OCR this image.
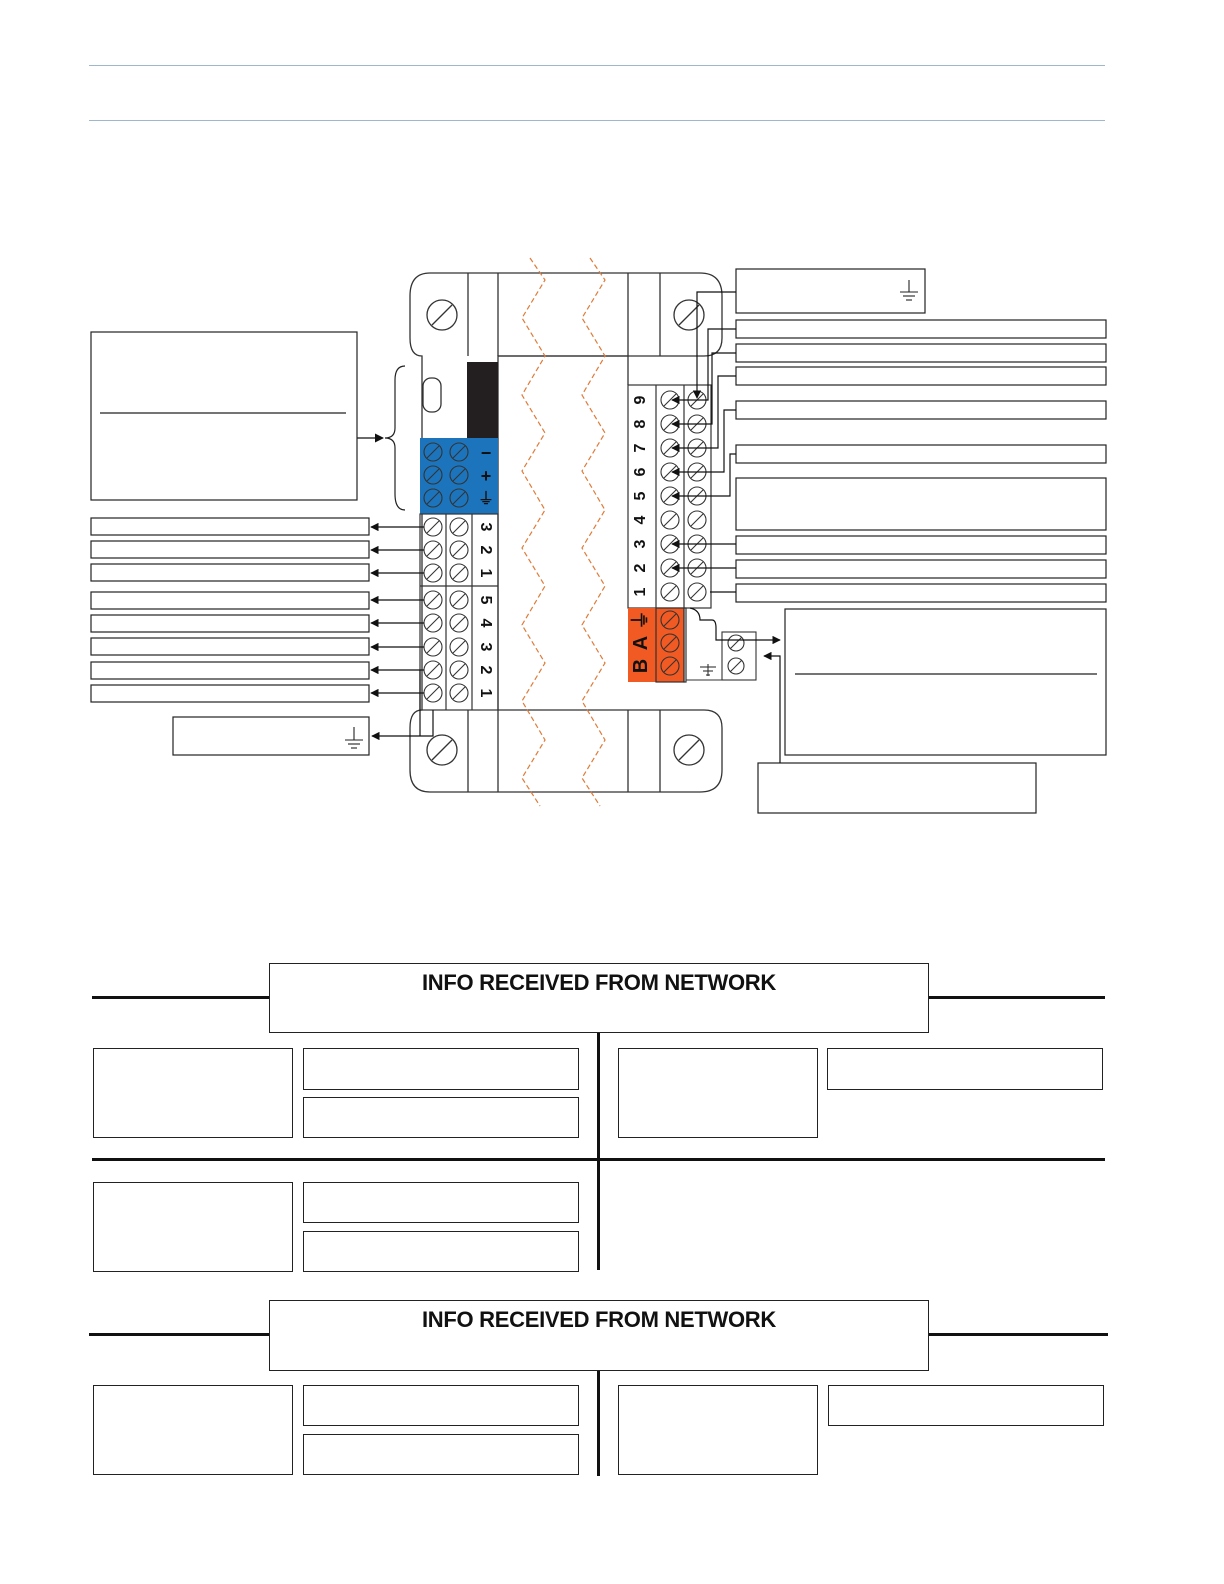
−
+
⏚
3
2
1
5
4
3
2
1
9
8
7
6
5
4
3
2
1
⏚
A
B
INFO RECEIVED FROM NETWORK
INFO RECEIVED FROM NETWORK
